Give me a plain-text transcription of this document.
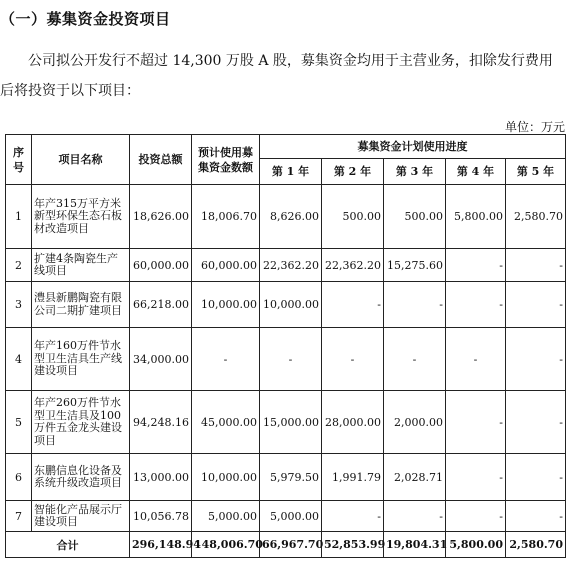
（一）募集资金投资项目
公司拟公开发行不超过 14,300 万股 A 股，募集资金均用于主营业务，扣除发行费用后将投资于以下项目：
单位：万元
序号	项目名称	投资总额	预计使用募集资金数额	募集资金计划使用进度				
				第 1 年	第 2 年	第 3 年	第 4 年	第 5 年
1	年产315万平方米新型环保生态石板材改造项目	18,626.00	18,006.70	8,626.00	500.00	500.00	5,800.00	2,580.70
2	扩建4条陶瓷生产线项目	60,000.00	60,000.00	22,362.20	22,362.20	15,275.60	-	-
3	澧县新鹏陶瓷有限公司二期扩建项目	66,218.00	10,000.00	10,000.00	-	-	-	-
4	年产160万件节水型卫生洁具生产线建设项目	34,000.00	-	-	-	-	-	-
5	年产260万件节水型卫生洁具及100万件五金龙头建设项目	94,248.16	45,000.00	15,000.00	28,000.00	2,000.00	-	-
6	东鹏信息化设备及系统升级改造项目	13,000.00	10,000.00	5,979.50	1,991.79	2,028.71	-	-
7	智能化产品展示厅建设项目	10,056.78	5,000.00	5,000.00	-	-	-	-
合计		296,148.94	148,006.70	66,967.70	52,853.99	19,804.31	5,800.00	2,580.70
